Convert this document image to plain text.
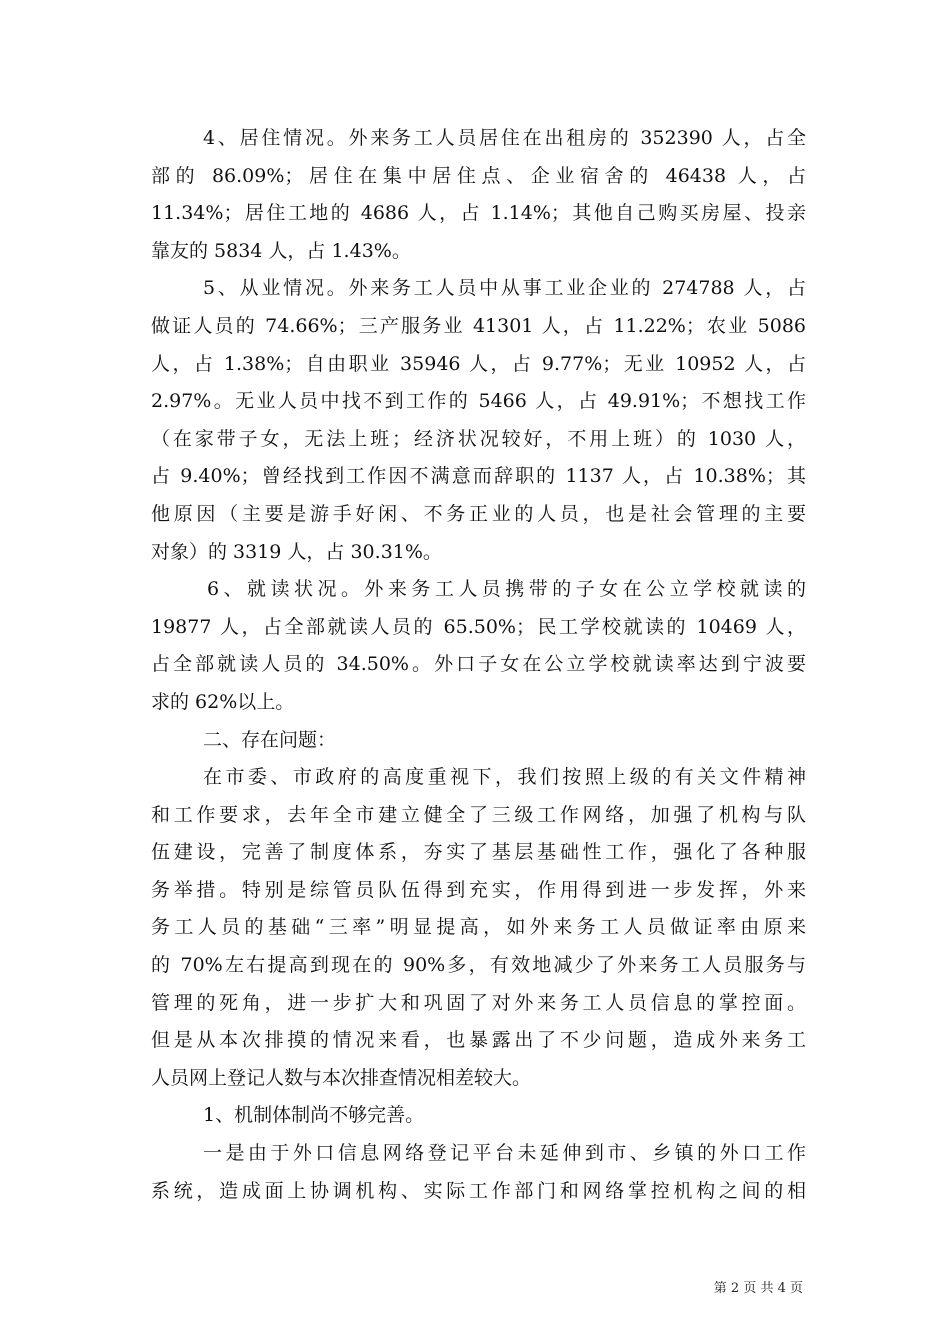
4、居住情况。外来务工人员居住在出租房的 352390 人，占全
部的 86.09%；居住在集中居住点、企业宿舍的 46438 人，占
11.34%；居住工地的 4686 人，占 1.14%；其他自己购买房屋、投亲
靠友的 5834 人，占 1.43%。
5、从业情况。外来务工人员中从事工业企业的 274788 人，占
做证人员的 74.66%；三产服务业 41301 人，占 11.22%；农业 5086
人，占 1.38%；自由职业 35946 人，占 9.77%；无业 10952 人，占
2.97%。无业人员中找不到工作的 5466 人，占 49.91%；不想找工作
（在家带子女，无法上班；经济状况较好，不用上班）的 1030 人，
占 9.40%；曾经找到工作因不满意而辞职的 1137 人，占 10.38%；其
他原因（主要是游手好闲、不务正业的人员，也是社会管理的主要
对象）的 3319 人，占 30.31%。
6、就读状况。外来务工人员携带的子女在公立学校就读的
19877 人，占全部就读人员的 65.50%；民工学校就读的 10469 人，
占全部就读人员的 34.50%。外口子女在公立学校就读率达到宁波要
求的 62%以上。
二、存在问题：
在市委、市政府的高度重视下，我们按照上级的有关文件精神
和工作要求，去年全市建立健全了三级工作网络，加强了机构与队
伍建设，完善了制度体系，夯实了基层基础性工作，强化了各种服
务举措。特别是综管员队伍得到充实，作用得到进一步发挥，外来
务工人员的基础“三率”明显提高，如外来务工人员做证率由原来
的 70%左右提高到现在的 90%多，有效地减少了外来务工人员服务与
管理的死角，进一步扩大和巩固了对外来务工人员信息的掌控面。
但是从本次排摸的情况来看，也暴露出了不少问题，造成外来务工
人员网上登记人数与本次排查情况相差较大。
1、机制体制尚不够完善。
一是由于外口信息网络登记平台未延伸到市、乡镇的外口工作
系统，造成面上协调机构、实际工作部门和网络掌控机构之间的相
第 2 页 共 4 页
